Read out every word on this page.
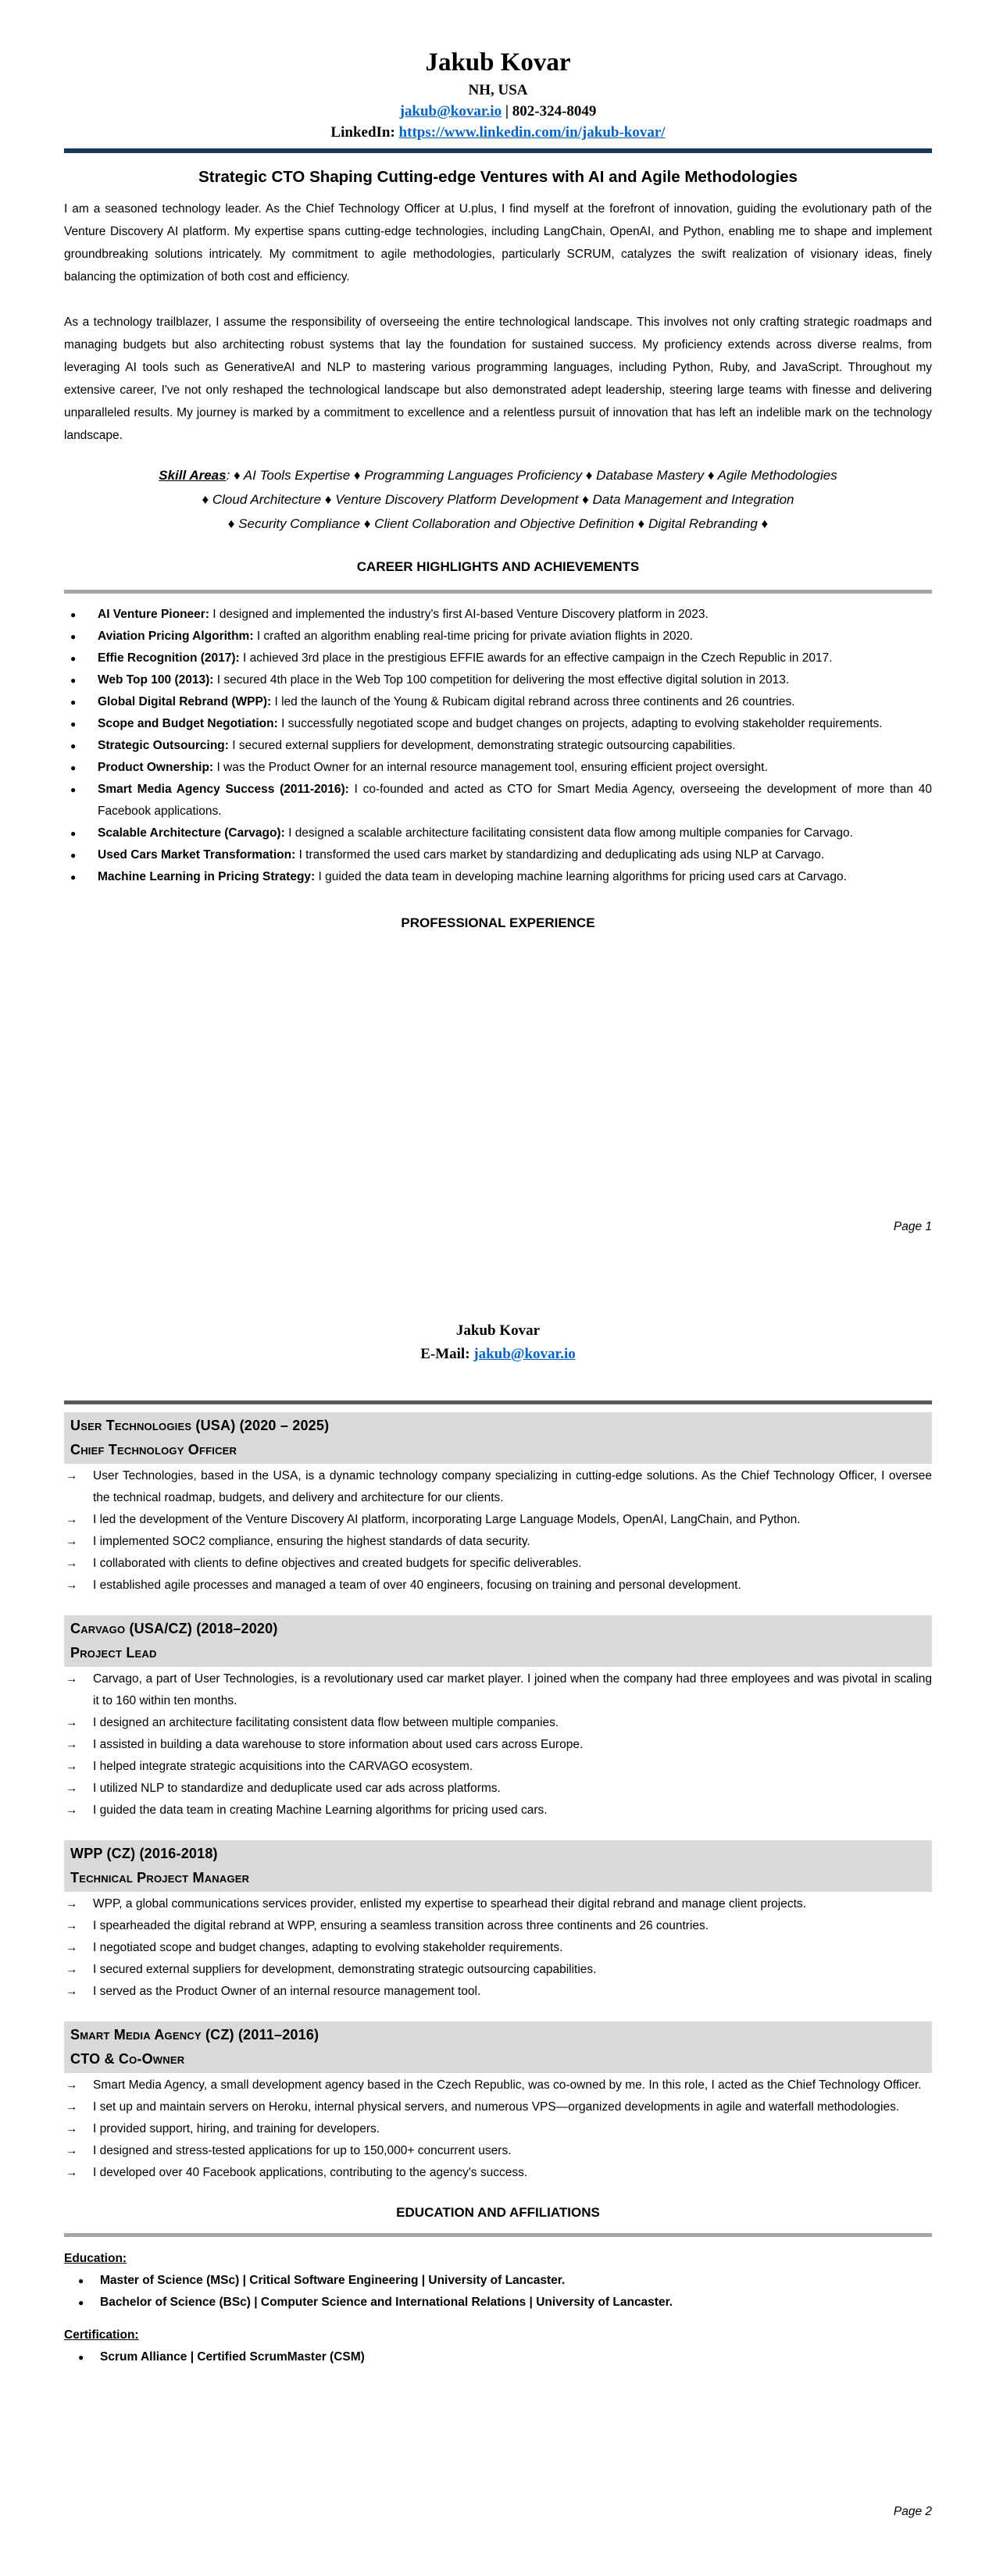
Jakub Kovar
NH, USA
jakub@kovar.io | 802-324-8049
LinkedIn: https://www.linkedin.com/in/jakub-kovar/
Strategic CTO Shaping Cutting-edge Ventures with AI and Agile Methodologies

I am a seasoned technology leader. As the Chief Technology Officer at U.plus, I find myself at the forefront of innovation, guiding the evolutionary path of the Venture Discovery AI platform. My expertise spans cutting-edge technologies, including LangChain, OpenAI, and Python, enabling me to shape and implement groundbreaking solutions intricately. My commitment to agile methodologies, particularly SCRUM, catalyzes the swift realization of visionary ideas, finely balancing the optimization of both cost and efficiency.

As a technology trailblazer, I assume the responsibility of overseeing the entire technological landscape. This involves not only crafting strategic roadmaps and managing budgets but also architecting robust systems that lay the foundation for sustained success. My proficiency extends across diverse realms, from leveraging AI tools such as GenerativeAI and NLP to mastering various programming languages, including Python, Ruby, and JavaScript. Throughout my extensive career, I've not only reshaped the technological landscape but also demonstrated adept leadership, steering large teams with finesse and delivering unparalleled results. My journey is marked by a commitment to excellence and a relentless pursuit of innovation that has left an indelible mark on the technology landscape.

Skill Areas: ♦ AI Tools Expertise ♦ Programming Languages Proficiency ♦ Database Mastery ♦ Agile Methodologies
♦ Cloud Architecture ♦ Venture Discovery Platform Development ♦ Data Management and Integration
♦ Security Compliance ♦ Client Collaboration and Objective Definition ♦ Digital Rebranding ♦
CAREER HIGHLIGHTS AND ACHIEVEMENTS
● AI Venture Pioneer: I designed and implemented the industry's first AI-based Venture Discovery platform in 2023.
● Aviation Pricing Algorithm: I crafted an algorithm enabling real-time pricing for private aviation flights in 2020.
● Effie Recognition (2017): I achieved 3rd place in the prestigious EFFIE awards for an effective campaign in the Czech Republic in 2017.
● Web Top 100 (2013): I secured 4th place in the Web Top 100 competition for delivering the most effective digital solution in 2013.
● Global Digital Rebrand (WPP): I led the launch of the Young & Rubicam digital rebrand across three continents and 26 countries.
● Scope and Budget Negotiation: I successfully negotiated scope and budget changes on projects, adapting to evolving stakeholder requirements.
● Strategic Outsourcing: I secured external suppliers for development, demonstrating strategic outsourcing capabilities.
● Product Ownership: I was the Product Owner for an internal resource management tool, ensuring efficient project oversight.
● Smart Media Agency Success (2011-2016): I co-founded and acted as CTO for Smart Media Agency, overseeing the development of more than 40 Facebook applications.
● Scalable Architecture (Carvago): I designed a scalable architecture facilitating consistent data flow among multiple companies for Carvago.
● Used Cars Market Transformation: I transformed the used cars market by standardizing and deduplicating ads using NLP at Carvago.
● Machine Learning in Pricing Strategy: I guided the data team in developing machine learning algorithms for pricing used cars at Carvago.
PROFESSIONAL EXPERIENCE
Page 1
Jakub Kovar
E-Mail: jakub@kovar.io
User Technologies (USA) (2020 – 2025)
Chief Technology Officer
→ User Technologies, based in the USA, is a dynamic technology company specializing in cutting-edge solutions. As the Chief Technology Officer, I oversee the technical roadmap, budgets, and delivery and architecture for our clients.
→ I led the development of the Venture Discovery AI platform, incorporating Large Language Models, OpenAI, LangChain, and Python.
→ I implemented SOC2 compliance, ensuring the highest standards of data security.
→ I collaborated with clients to define objectives and created budgets for specific deliverables.
→ I established agile processes and managed a team of over 40 engineers, focusing on training and personal development.
Carvago (USA/CZ) (2018–2020)
Project Lead
→ Carvago, a part of User Technologies, is a revolutionary used car market player. I joined when the company had three employees and was pivotal in scaling it to 160 within ten months.
→ I designed an architecture facilitating consistent data flow between multiple companies.
→ I assisted in building a data warehouse to store information about used cars across Europe.
→ I helped integrate strategic acquisitions into the CARVAGO ecosystem.
→ I utilized NLP to standardize and deduplicate used car ads across platforms.
→ I guided the data team in creating Machine Learning algorithms for pricing used cars.
WPP (CZ) (2016-2018)
Technical Project Manager
→ WPP, a global communications services provider, enlisted my expertise to spearhead their digital rebrand and manage client projects.
→ I spearheaded the digital rebrand at WPP, ensuring a seamless transition across three continents and 26 countries.
→ I negotiated scope and budget changes, adapting to evolving stakeholder requirements.
→ I secured external suppliers for development, demonstrating strategic outsourcing capabilities.
→ I served as the Product Owner of an internal resource management tool.
Smart Media Agency (CZ) (2011–2016)
CTO & Co-Owner
→ Smart Media Agency, a small development agency based in the Czech Republic, was co-owned by me. In this role, I acted as the Chief Technology Officer.
→ I set up and maintain servers on Heroku, internal physical servers, and numerous VPS—organized developments in agile and waterfall methodologies.
→ I provided support, hiring, and training for developers.
→ I designed and stress-tested applications for up to 150,000+ concurrent users.
→ I developed over 40 Facebook applications, contributing to the agency's success.
EDUCATION AND AFFILIATIONS
Education:
● Master of Science (MSc) | Critical Software Engineering | University of Lancaster.
● Bachelor of Science (BSc) | Computer Science and International Relations | University of Lancaster.
Certification:
● Scrum Alliance | Certified ScrumMaster (CSM)
Page 2
